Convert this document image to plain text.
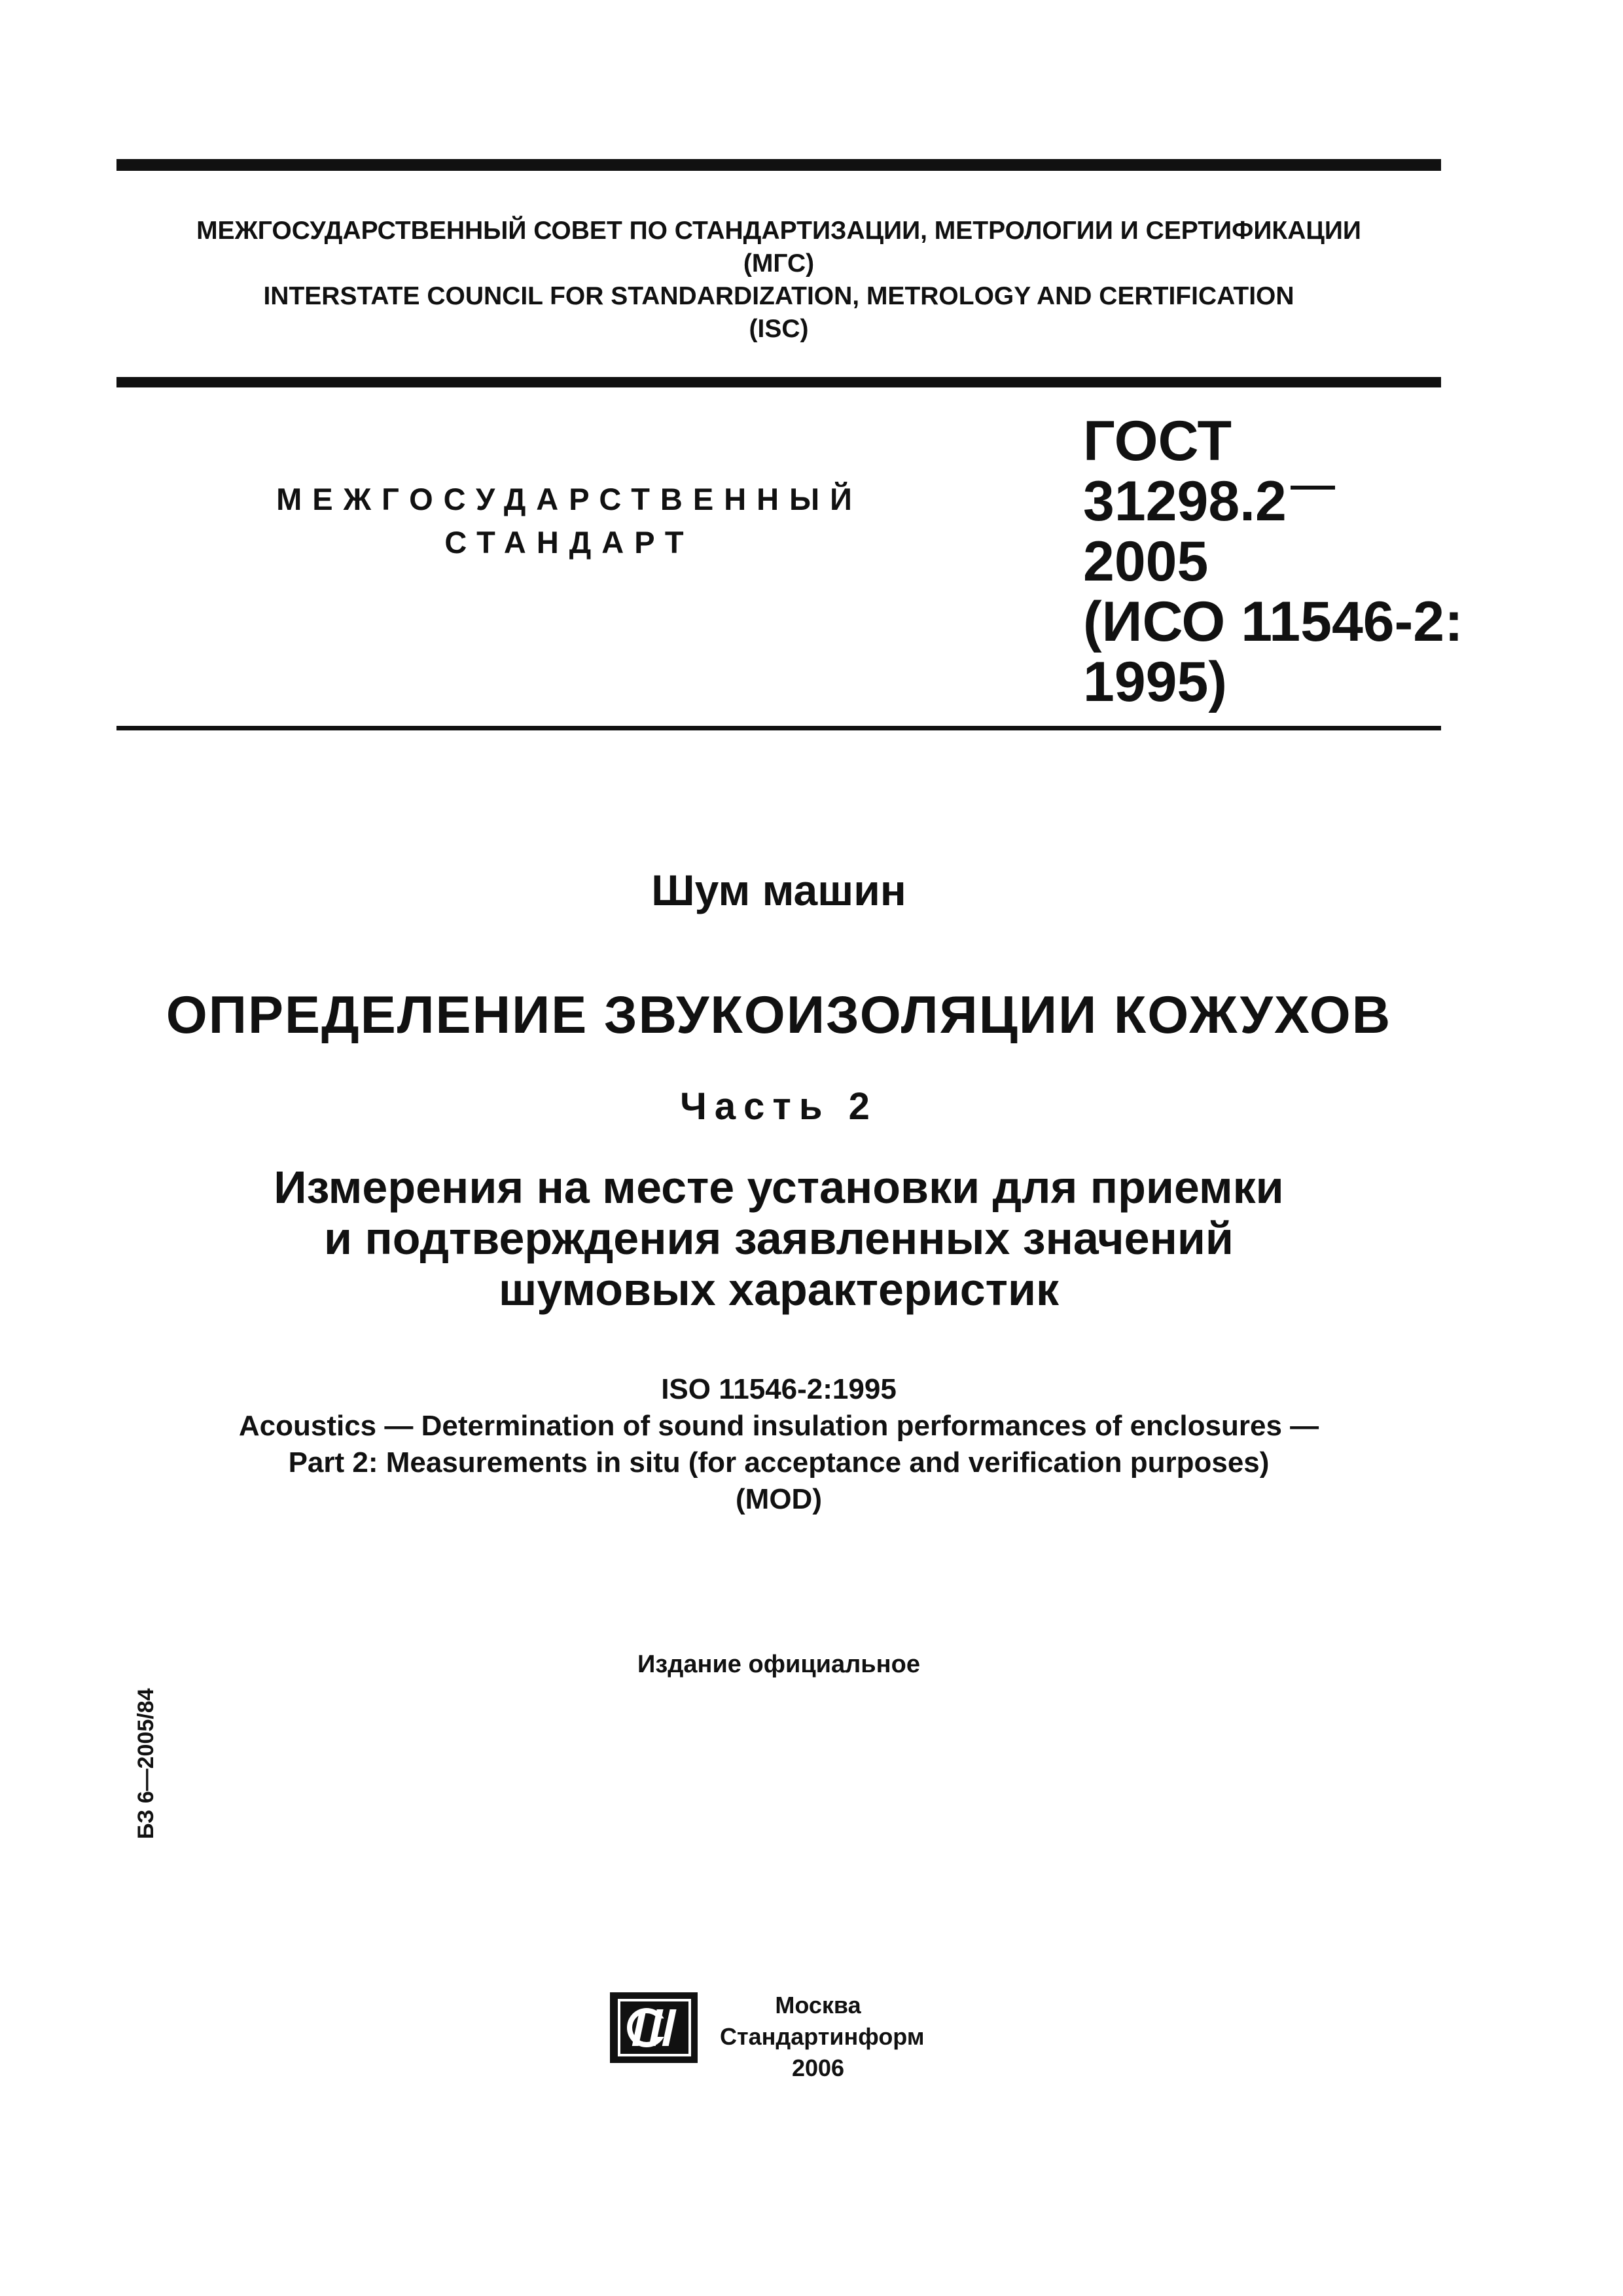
МЕЖГОСУДАРСТВЕННЫЙ СОВЕТ ПО СТАНДАРТИЗАЦИИ, МЕТРОЛОГИИ И СЕРТИФИКАЦИИ
(МГС)
INTERSTATE COUNCIL FOR STANDARDIZATION, METROLOGY AND CERTIFICATION
(ISC)
МЕЖГОСУДАРСТВЕННЫЙ
СТАНДАРТ
ГОСТ
31298.2
2005
(ИСО 11546-2:
1995)
Шум машин
ОПРЕДЕЛЕНИЕ ЗВУКОИЗОЛЯЦИИ КОЖУХОВ
Часть 2
Измерения на месте установки для приемки
и подтверждения заявленных значений
шумовых характеристик
ISO 11546-2:1995
Acoustics — Determination of sound insulation performances of enclosures —
Part 2: Measurements in situ (for acceptance and verification purposes)
(MOD)
Издание официальное
БЗ 6—2005/84
Москва
Стандартинформ
2006
